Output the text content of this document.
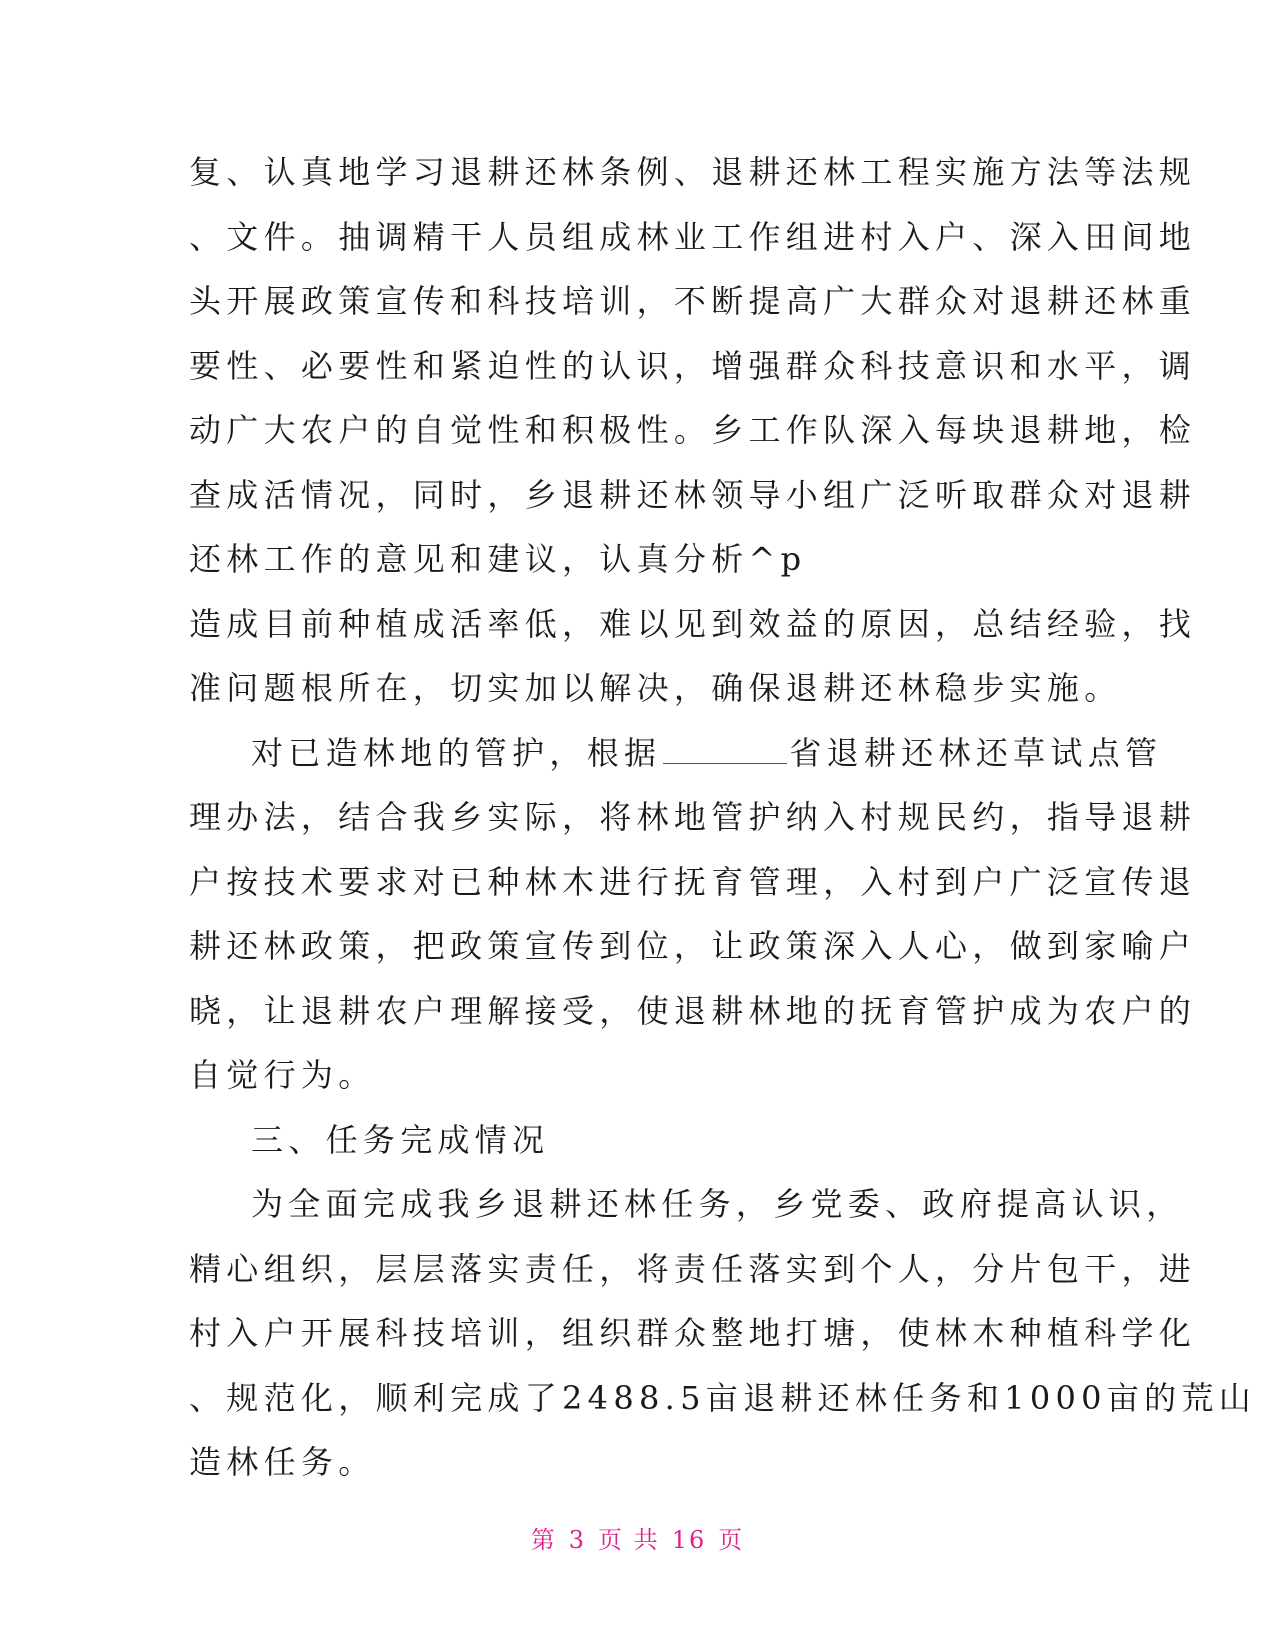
复、认真地学习退耕还林条例、退耕还林工程实施方法等法规
、文件。抽调精干人员组成林业工作组进村入户、深入田间地
头开展政策宣传和科技培训，不断提高广大群众对退耕还林重
要性、必要性和紧迫性的认识，增强群众科技意识和水平，调
动广大农户的自觉性和积极性。乡工作队深入每块退耕地，检
查成活情况，同时，乡退耕还林领导小组广泛听取群众对退耕
还林工作的意见和建议，认真分析^p
造成目前种植成活率低，难以见到效益的原因，总结经验，找
准问题根所在，切实加以解决，确保退耕还林稳步实施。
对已造林地的管护，根据	省退耕还林还草试点管
理办法，结合我乡实际，将林地管护纳入村规民约，指导退耕
户按技术要求对已种林木进行抚育管理，入村到户广泛宣传退
耕还林政策，把政策宣传到位，让政策深入人心，做到家喻户
晓，让退耕农户理解接受，使退耕林地的抚育管护成为农户的
自觉行为。
三、任务完成情况
为全面完成我乡退耕还林任务，乡党委、政府提高认识，
精心组织，层层落实责任，将责任落实到个人，分片包干，进
村入户开展科技培训，组织群众整地打塘，使林木种植科学化
、规范化，顺利完成了2488.5亩退耕还林任务和1000亩的荒山
造林任务。
第 3 页 共 16 页
